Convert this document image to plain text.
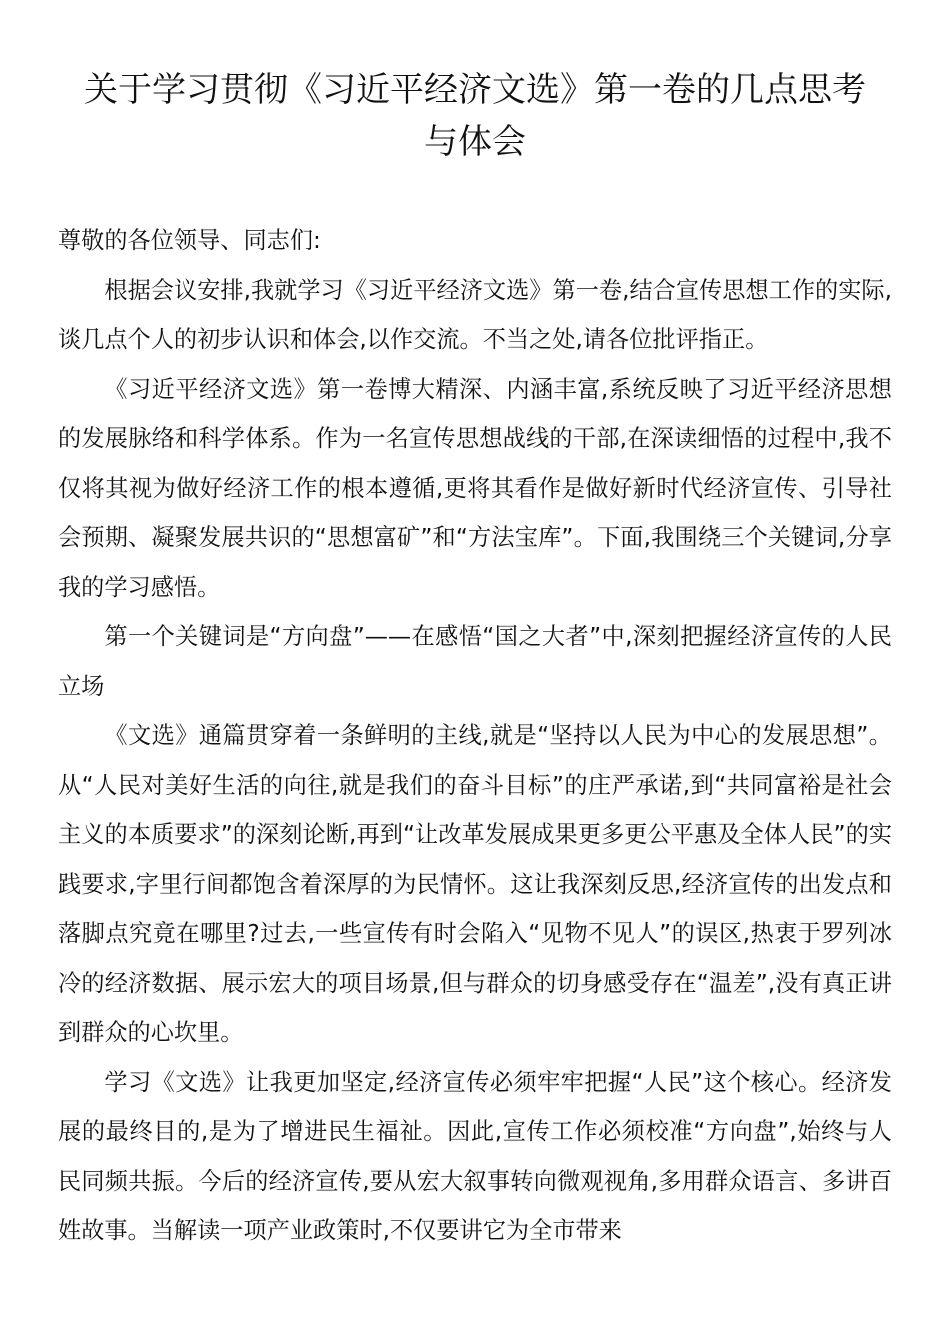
关于学习贯彻《习近平经济文选》第一卷的几点思考
与体会

尊敬的各位领导、同志们:

根据会议安排,我就学习《习近平经济文选》第一卷,结合宣传思想工作的实际,谈几点个人的初步认识和体会,以作交流。不当之处,请各位批评指正。

《习近平经济文选》第一卷博大精深、内涵丰富,系统反映了习近平经济思想的发展脉络和科学体系。作为一名宣传思想战线的干部,在深读细悟的过程中,我不仅将其视为做好经济工作的根本遵循,更将其看作是做好新时代经济宣传、引导社会预期、凝聚发展共识的“思想富矿”和“方法宝库”。下面,我围绕三个关键词,分享我的学习感悟。

第一个关键词是“方向盘”——在感悟“国之大者”中,深刻把握经济宣传的人民立场

《文选》通篇贯穿着一条鲜明的主线,就是“坚持以人民为中心的发展思想”。从“人民对美好生活的向往,就是我们的奋斗目标”的庄严承诺,到“共同富裕是社会主义的本质要求”的深刻论断,再到“让改革发展成果更多更公平惠及全体人民”的实践要求,字里行间都饱含着深厚的为民情怀。这让我深刻反思,经济宣传的出发点和落脚点究竟在哪里?过去,一些宣传有时会陷入“见物不见人”的误区,热衷于罗列冰冷的经济数据、展示宏大的项目场景,但与群众的切身感受存在“温差”,没有真正讲到群众的心坎里。

学习《文选》让我更加坚定,经济宣传必须牢牢把握“人民”这个核心。经济发展的最终目的,是为了增进民生福祉。因此,宣传工作必须校准“方向盘”,始终与人民同频共振。今后的经济宣传,要从宏大叙事转向微观视角,多用群众语言、多讲百姓故事。当解读一项产业政策时,不仅要讲它为全市带来
